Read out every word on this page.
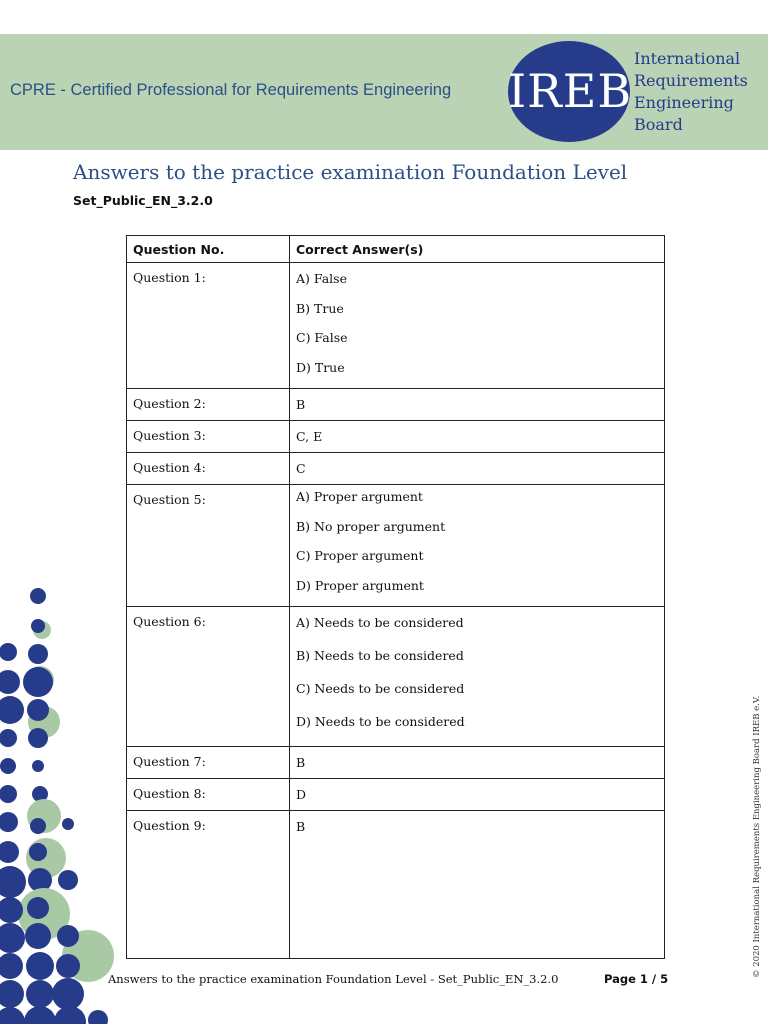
CPRE - Certified Professional for Requirements Engineering IREB
International
Requirements
Engineering
Board
Answers to the practice examination Foundation Level
Set_Public_EN_3.2.0
Question No.	Correct Answer(s)
Question 1:	A) False
B) True
C) False
D) True

Question 2:	B

Question 3:	C, E

Question 4:	C

Question 5:	A) Proper argument
B) No proper argument
C) Proper argument
D) Proper argument

Question 6:	A) Needs to be considered
B) Needs to be considered
C) Needs to be considered
D) Needs to be considered

Question 7:	B

Question 8:	D

Question 9:	B
Answers to the practice examination Foundation Level - Set_Public_EN_3.2.0	Page 1 / 5
© 2020 International Requirements Engineering Board IREB e.V.
